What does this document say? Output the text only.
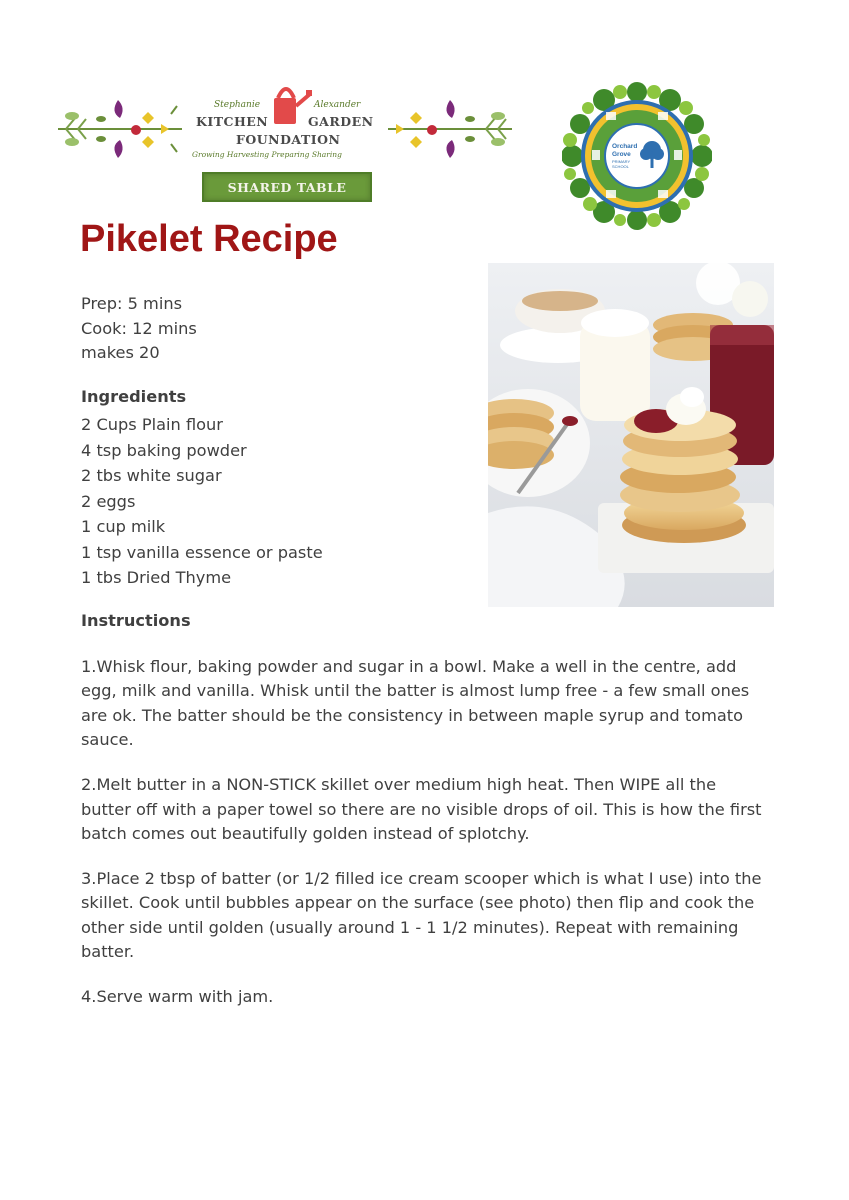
Stephanie	Alexander
KITCHEN	GARDEN
FOUNDATION
Growing Harvesting Preparing Sharing
SHARED TABLE
Orchard
Grove
PRIMARY
SCHOOL
Pikelet Recipe
Prep: 5 mins
Cook: 12 mins
makes 20
Ingredients
2 Cups Plain flour
4 tsp baking powder
2 tbs white sugar
2 eggs
1 cup milk
1 tsp vanilla essence or paste
1 tbs Dried Thyme
Instructions

1.Whisk flour, baking powder and sugar in a bowl. Make a well in the centre, add egg, milk and vanilla. Whisk until the batter is almost lump free - a few small ones are ok. The batter should be the consistency in between maple syrup and tomato sauce.

2.Melt butter in a NON-STICK skillet over medium high heat. Then WIPE all the butter off with a paper towel so there are no visible drops of oil. This is how the first batch comes out beautifully golden instead of splotchy.

3.Place 2 tbsp of batter (or 1/2 filled ice cream scooper which is what I use) into the skillet. Cook until bubbles appear on the surface (see photo) then flip and cook the other side until golden (usually around 1 - 1 1/2 minutes). Repeat with remaining batter.

4.Serve warm with jam.
